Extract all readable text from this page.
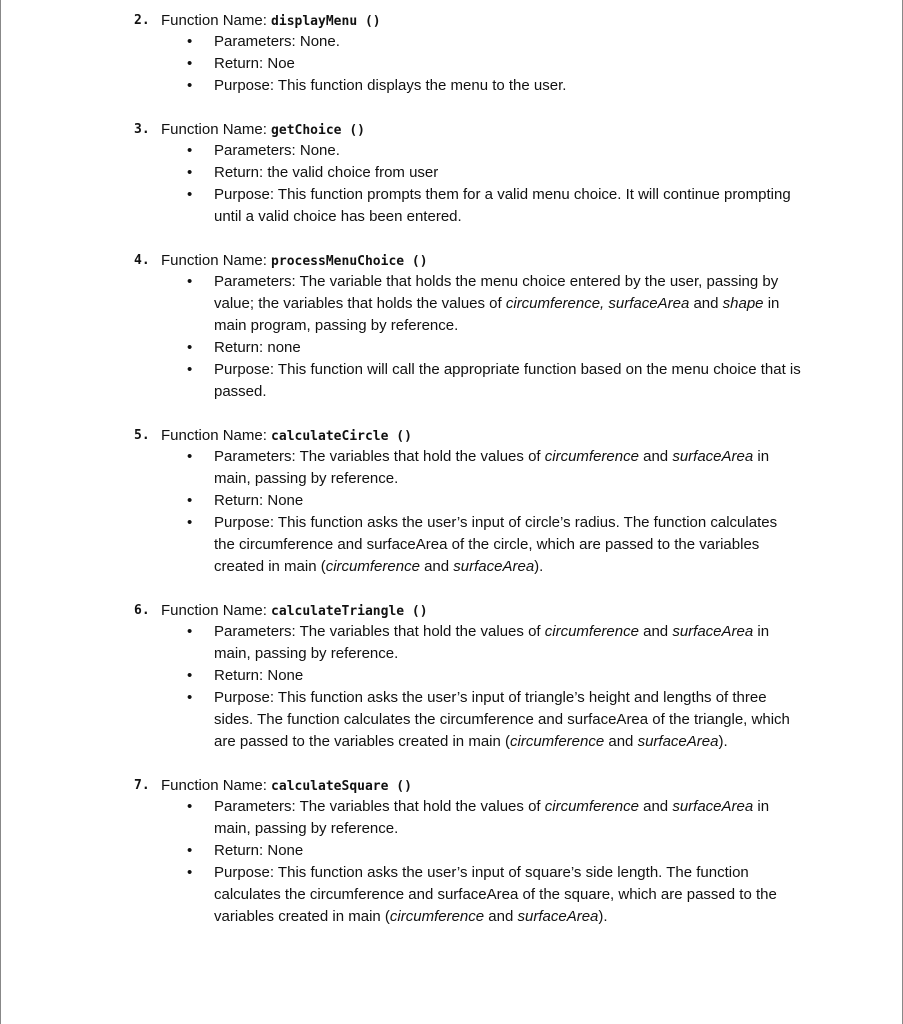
2. Function Name: displayMenu ()
• Parameters: None.
• Return: Noe
• Purpose: This function displays the menu to the user.
3. Function Name: getChoice ()
• Parameters: None.
• Return: the valid choice from user
• Purpose: This function prompts them for a valid menu choice. It will continue prompting until a valid choice has been entered.
4. Function Name: processMenuChoice ()
• Parameters: The variable that holds the menu choice entered by the user, passing by value; the variables that holds the values of circumference, surfaceArea and shape in main program, passing by reference.
• Return: none
• Purpose: This function will call the appropriate function based on the menu choice that is passed.
5. Function Name: calculateCircle ()
• Parameters: The variables that hold the values of circumference and surfaceArea in main, passing by reference.
• Return: None
• Purpose: This function asks the user’s input of circle’s radius. The function calculates the circumference and surfaceArea of the circle, which are passed to the variables created in main (circumference and surfaceArea).
6. Function Name: calculateTriangle ()
• Parameters: The variables that hold the values of circumference and surfaceArea in main, passing by reference.
• Return: None
• Purpose: This function asks the user’s input of triangle’s height and lengths of three sides. The function calculates the circumference and surfaceArea of the triangle, which are passed to the variables created in main (circumference and surfaceArea).
7. Function Name: calculateSquare ()
• Parameters: The variables that hold the values of circumference and surfaceArea in main, passing by reference.
• Return: None
• Purpose: This function asks the user’s input of square’s side length. The function calculates the circumference and surfaceArea of the square, which are passed to the variables created in main (circumference and surfaceArea).
